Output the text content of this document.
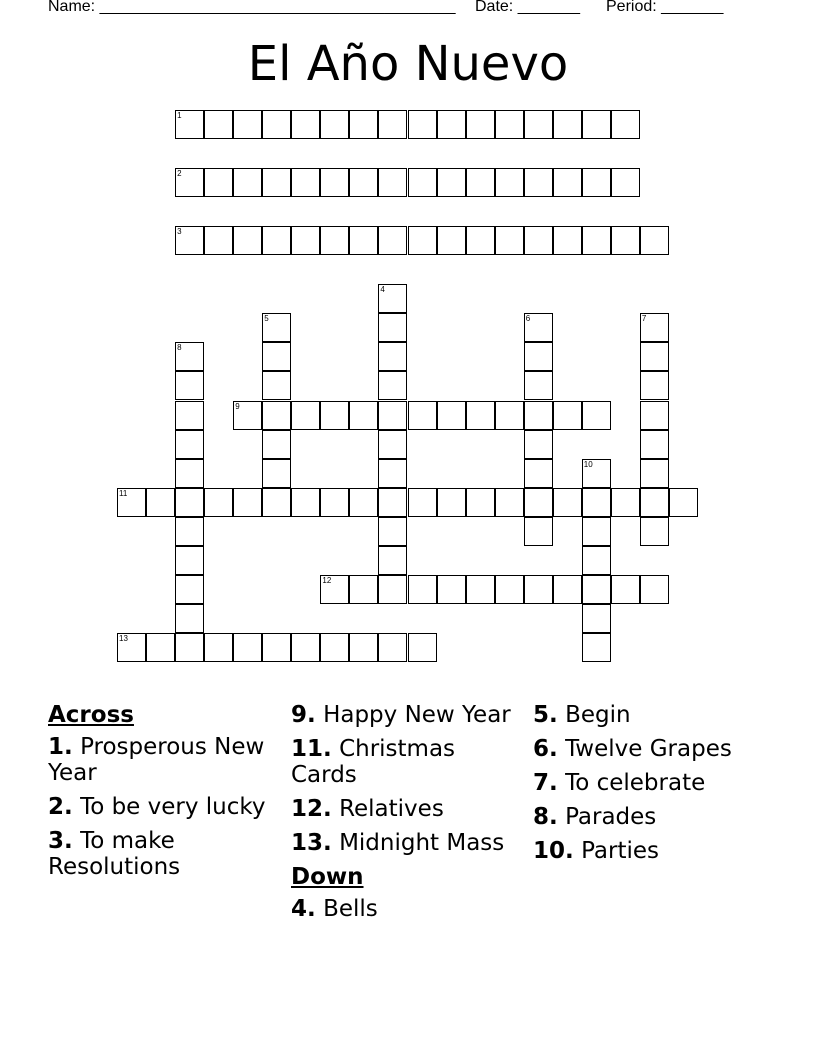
Name: ________________________________________

Date: _______

Period: _______

El Año Nuevo
1
2
3
4
5	6	7
8
9
10
11
12
13
Across
1. Prosperous New Year
2. To be very lucky
3. To make Resolutions
9. Happy New Year
11. Christmas Cards
12. Relatives
13. Midnight Mass
Down
4. Bells
5. Begin
6. Twelve Grapes
7. To celebrate
8. Parades
10. Parties
